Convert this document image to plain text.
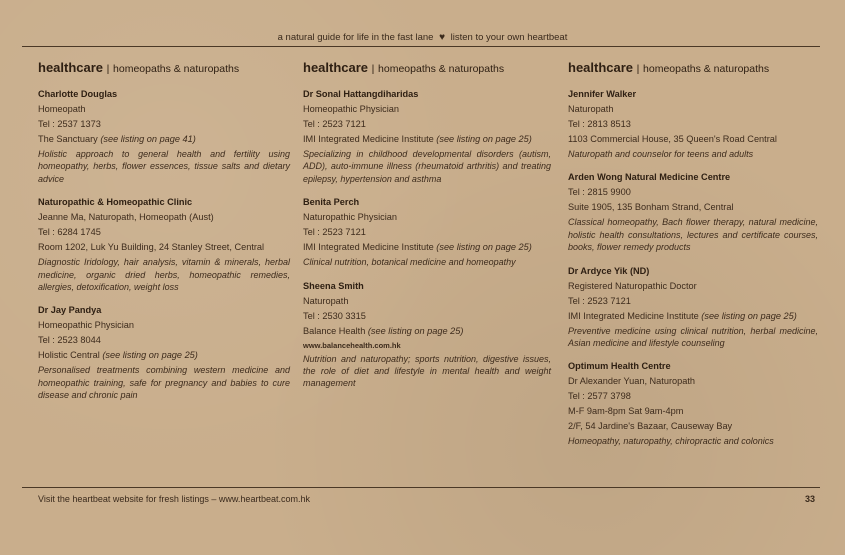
a natural guide for life in the fast lane ♥ listen to your own heartbeat
healthcare | homeopaths & naturopaths
Charlotte Douglas
Homeopath
Tel : 2537 1373
The Sanctuary (see listing on page 41)
Holistic approach to general health and fertility using homeopathy, herbs, flower essences, tissue salts and dietary advice
Naturopathic & Homeopathic Clinic
Jeanne Ma, Naturopath, Homeopath (Aust)
Tel : 6284 1745
Room 1202, Luk Yu Building, 24 Stanley Street, Central
Diagnostic Iridology, hair analysis, vitamin & minerals, herbal medicine, organic dried herbs, homeopathic remedies, allergies, detoxification, weight loss
Dr Jay Pandya
Homeopathic Physician
Tel : 2523 8044
Holistic Central (see listing on page 25)
Personalised treatments combining western medicine and homeopathic training, safe for pregnancy and babies to cure disease and chronic pain
healthcare | homeopaths & naturopaths
Dr Sonal Hattangdiharidas
Homeopathic Physician
Tel : 2523 7121
IMI Integrated Medicine Institute (see listing on page 25)
Specializing in childhood developmental disorders (autism, ADD), auto-immune illness (rheumatoid arthritis) and treating epilepsy, hypertension and asthma
Benita Perch
Naturopathic Physician
Tel : 2523 7121
IMI Integrated Medicine Institute (see listing on page 25)
Clinical nutrition, botanical medicine and homeopathy
Sheena Smith
Naturopath
Tel : 2530 3315
Balance Health (see listing on page 25)
www.balancehealth.com.hk
Nutrition and naturopathy; sports nutrition, digestive issues, the role of diet and lifestyle in mental health and weight management
healthcare | homeopaths & naturopaths
Jennifer Walker
Naturopath
Tel : 2813 8513
1103 Commercial House, 35 Queen's Road Central
Naturopath and counselor for teens and adults
Arden Wong Natural Medicine Centre
Tel : 2815 9900
Suite 1905, 135 Bonham Strand, Central
Classical homeopathy, Bach flower therapy, natural medicine, holistic health consultations, lectures and certificate courses, books, flower remedy products
Dr Ardyce Yik (ND)
Registered Naturopathic Doctor
Tel : 2523 7121
IMI Integrated Medicine Institute (see listing on page 25)
Preventive medicine using clinical nutrition, herbal medicine, Asian medicine and lifestyle counseling
Optimum Health Centre
Dr Alexander Yuan, Naturopath
Tel : 2577 3798
M-F 9am-8pm Sat 9am-4pm
2/F, 54 Jardine's Bazaar, Causeway Bay
Homeopathy, naturopathy, chiropractic and colonics
Visit the heartbeat website for fresh listings – www.heartbeat.com.hk	33
